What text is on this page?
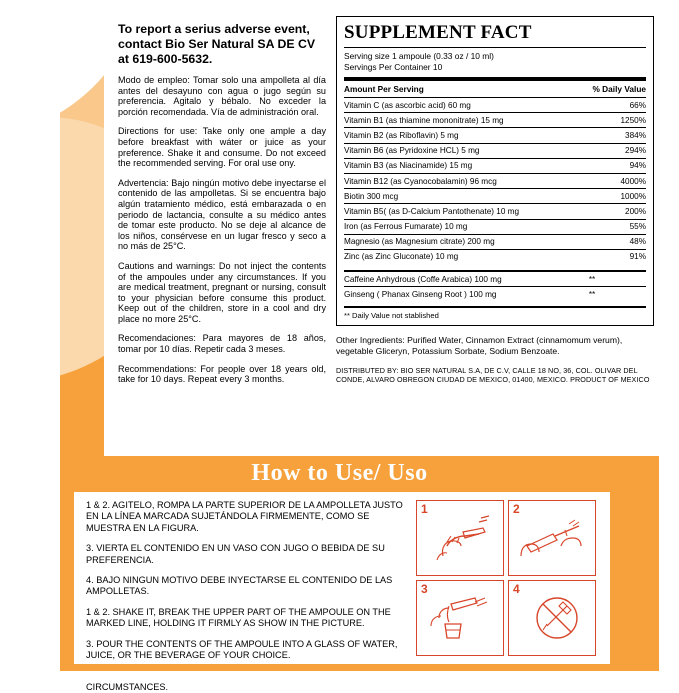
To report a serius adverse event, contact Bio Ser Natural SA DE CV at 619-600-5632.

Modo de empleo: Tomar solo una ampolleta al día antes del desayuno con agua o jugo según su preferencia. Agitalo y bébalo. No exceder la porción recomendada. Vía de administración oral.

Directions for use: Take only one ample a day before breakfast with wáter or juice as your preference. Shake it and consume. Do not exceed the recommended serving. For oral use ony.

Advertencia: Bajo ningún motivo debe inyectarse el contenido de las ampolletas. Si se encuentra bajo algún tratamiento médico, está embarazada o en periodo de lactancia, consulte a su médico antes de tomar este producto. No se deje al alcance de los niños, consérvese en un lugar fresco y seco a no más de 25°C.

Cautions and warnings: Do not inject the contents of the ampoules under any circumstances. If you are medical treatment, pregnant or nursing, consult to your physician before consume this product. Keep out of the children, store in a cool and dry place no more 25°C.

Recomendaciones: Para mayores de 18 años, tomar por 10 días. Repetir cada 3 meses.

Recommendations: For people over 18 years old, take for 10 days. Repeat every 3 months.

SUPPLEMENT FACT
Serving size 1 ampoule (0.33 oz / 10 ml)
Servings Per Container 10
Amount Per Serving	% Daily Value
Vitamin C (as ascorbic acid) 60 mg	66%
Vitamin B1 (as thiamine mononitrate) 15 mg	1250%
Vitamin B2 (as Riboflavin) 5 mg	384%
Vitamin B6 (as Pyridoxine HCL) 5 mg	294%
Vitamin B3 (as Niacinamide) 15 mg	94%
Vitamin B12 (as Cyanocobalamin) 96 mcg	4000%
Biotin 300 mcg	1000%
Vitamin B5( (as D-Calcium Pantothenate) 10 mg	200%
Iron (as Ferrous Fumarate) 10 mg	55%
Magnesio (as Magnesium citrate) 200 mg	48%
Zinc (as Zinc Gluconate) 10 mg	91%
Caffeine Anhydrous (Coffe Arabica) 100 mg	**
Ginseng ( Phanax Ginseng Root ) 100 mg	**
** Daily Value not stablished
Other Ingredients: Purified Water, Cinnamon Extract (cinnamomum verum), vegetable Gliceryn, Potassium Sorbate, Sodium Benzoate.
DISTRIBUTED BY: BIO SER NATURAL S.A, DE C.V, CALLE 18 NO, 36, COL. OLIVAR DEL CONDE, ALVARO OBREGON CIUDAD DE MEXICO, 01400, MEXICO. PRODUCT OF MEXICO
How to Use/ Uso

1 & 2. AGITELO, ROMPA LA PARTE SUPERIOR DE LA AMPOLLETA JUSTO EN LA LÍNEA MARCADA SUJETÁNDOLA FIRMEMENTE, COMO SE MUESTRA EN LA FIGURA.

3. VIERTA EL CONTENIDO EN UN VASO CON JUGO O BEBIDA DE SU PREFERENCIA.

4. BAJO NINGUN MOTIVO DEBE INYECTARSE EL CONTENIDO DE LAS AMPOLLETAS.

1 & 2. SHAKE IT, BREAK THE UPPER PART OF THE AMPOULE ON THE MARKED LINE, HOLDING IT FIRMLY AS SHOW IN THE PICTURE.

3. POUR THE CONTENTS OF THE AMPOULE INTO A GLASS OF WATER, JUICE, OR THE BEVERAGE OF YOUR CHOICE.

CIRCUMSTANCES.

1	2
3	4
